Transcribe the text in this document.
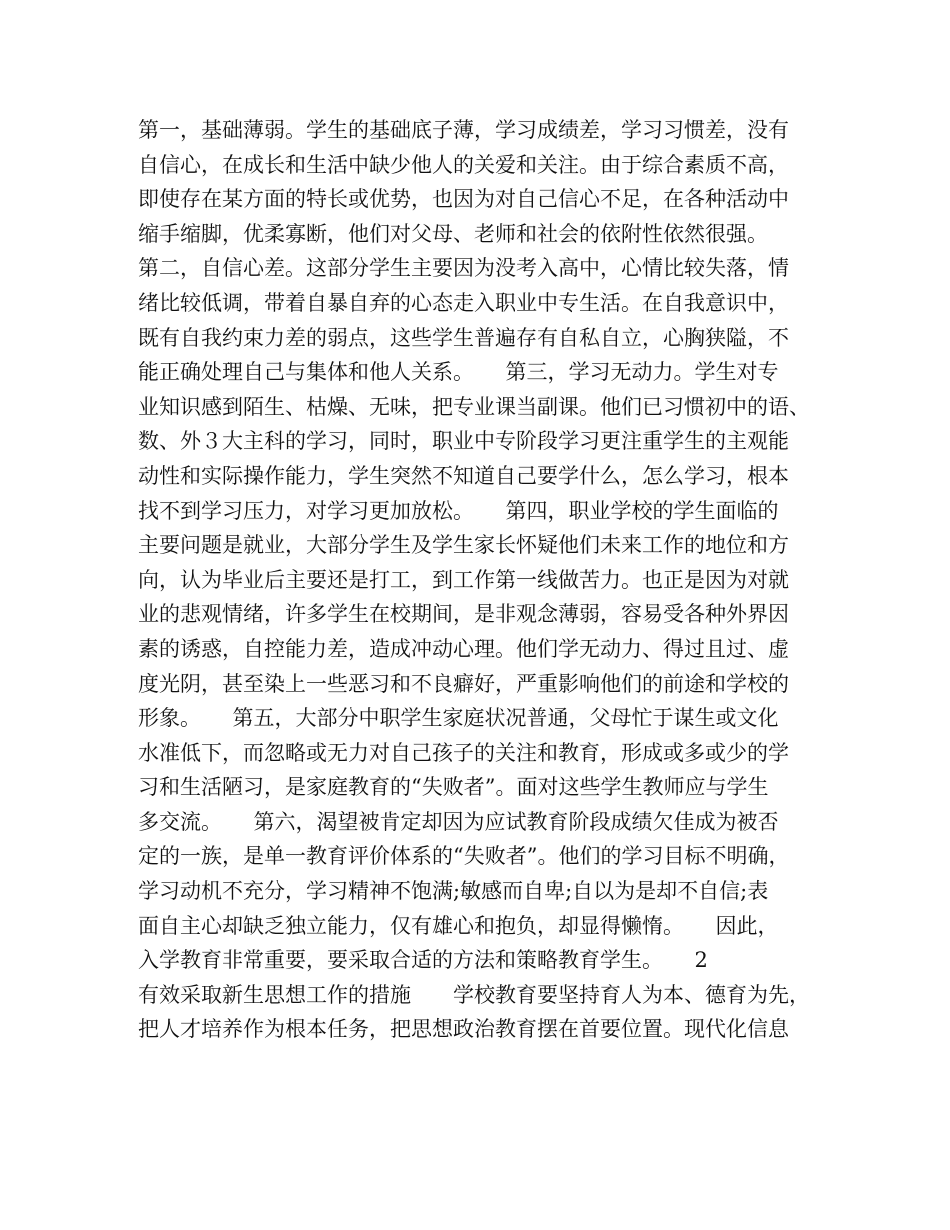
第一，基础薄弱。学生的基础底子薄，学习成绩差，学习习惯差，没有
自信心，在成长和生活中缺少他人的关爱和关注。由于综合素质不高，
即使存在某方面的特长或优势，也因为对自己信心不足，在各种活动中
缩手缩脚，优柔寡断，他们对父母、老师和社会的依附性依然很强。
第二，自信心差。这部分学生主要因为没考入高中，心情比较失落，情
绪比较低调，带着自暴自弃的心态走入职业中专生活。在自我意识中，
既有自我约束力差的弱点，这些学生普遍存有自私自立，心胸狭隘，不
能正确处理自己与集体和他人关系。　　第三，学习无动力。学生对专
业知识感到陌生、枯燥、无味，把专业课当副课。他们已习惯初中的语、
数、外３大主科的学习，同时，职业中专阶段学习更注重学生的主观能
动性和实际操作能力，学生突然不知道自己要学什么，怎么学习，根本
找不到学习压力，对学习更加放松。　　第四，职业学校的学生面临的
主要问题是就业，大部分学生及学生家长怀疑他们未来工作的地位和方
向，认为毕业后主要还是打工，到工作第一线做苦力。也正是因为对就
业的悲观情绪，许多学生在校期间，是非观念薄弱，容易受各种外界因
素的诱惑，自控能力差，造成冲动心理。他们学无动力、得过且过、虚
度光阴，甚至染上一些恶习和不良癖好，严重影响他们的前途和学校的
形象。　　第五，大部分中职学生家庭状况普通，父母忙于谋生或文化
水准低下，而忽略或无力对自己孩子的关注和教育，形成或多或少的学
习和生活陋习，是家庭教育的“失败者”。面对这些学生教师应与学生
多交流。　　第六，渴望被肯定却因为应试教育阶段成绩欠佳成为被否
定的一族，是单一教育评价体系的“失败者”。他们的学习目标不明确，
学习动机不充分，学习精神不饱满;敏感而自卑;自以为是却不自信;表
面自主心却缺乏独立能力，仅有雄心和抱负，却显得懒惰。　　因此，
入学教育非常重要，要采取合适的方法和策略教育学生。　　2
有效采取新生思想工作的措施　　学校教育要坚持育人为本、德育为先，
把人才培养作为根本任务，把思想政治教育摆在首要位置。现代化信息
